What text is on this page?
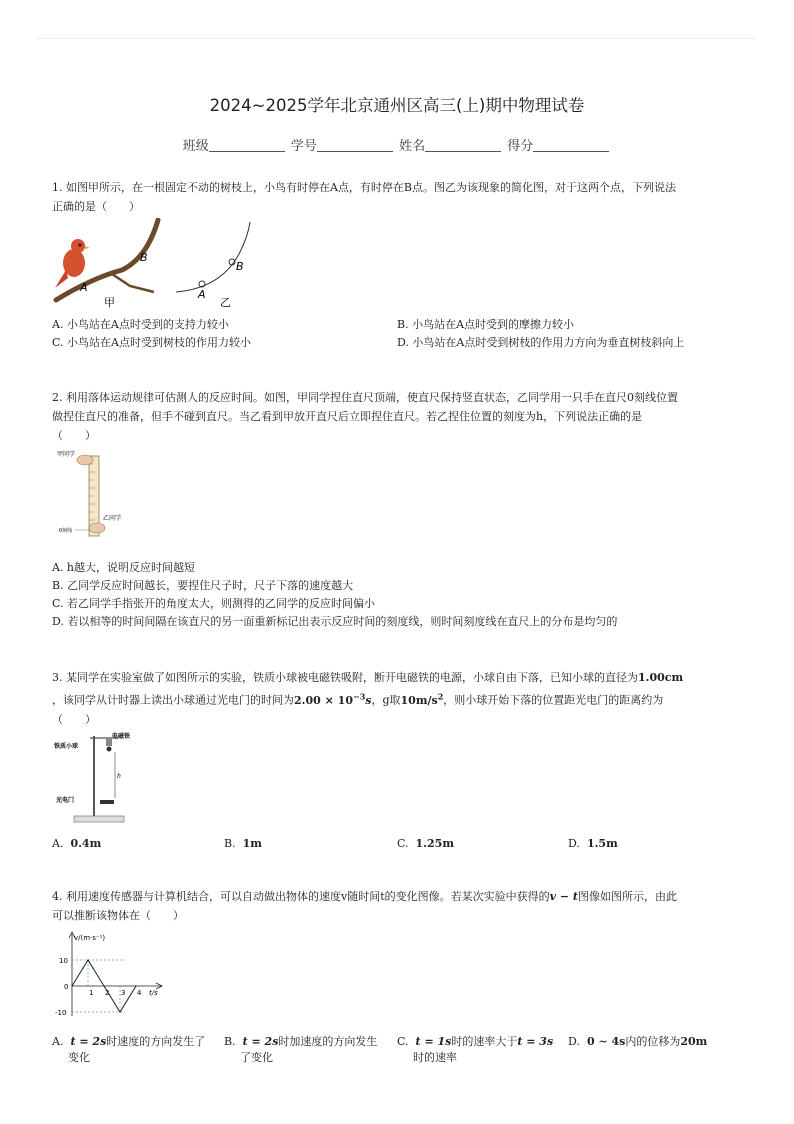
2024~2025学年北京通州区高三(上)期中物理试卷
班级	学号	姓名	得分
1. 如图甲所示，在一根固定不动的树枝上，小鸟有时停在A点，有时停在B点。图乙为该现象的简化图，对于这两个点，下列说法
正确的是（　　）
A
B
甲
A
B
乙
A. 小鸟站在A点时受到的支持力较小	B. 小鸟站在A点时受到的摩擦力较小
C. 小鸟站在A点时受到树枝的作用力较小	D. 小鸟站在A点时受到树枝的作用力方向为垂直树枝斜向上
2. 利用落体运动规律可估测人的反应时间。如图，甲同学捏住直尺顶端，使直尺保持竖直状态，乙同学用一只手在直尺0刻线位置
做捏住直尺的准备，但手不碰到直尺。当乙看到甲放开直尺后立即捏住直尺。若乙捏住位置的刻度为h，下列说法正确的是
（　　）
甲同学
乙同学
0刻线
A. h越大，说明反应时间越短
B. 乙同学反应时间越长，要捏住尺子时，尺子下落的速度越大
C. 若乙同学手指张开的角度太大，则测得的乙同学的反应时间偏小
D. 若以相等的时间间隔在该直尺的另一面重新标记出表示反应时间的刻度线，则时间刻度线在直尺上的分布是均匀的
3. 某同学在实验室做了如图所示的实验，铁质小球被电磁铁吸附，断开电磁铁的电源，小球自由下落，已知小球的直径为1.00cm
，该同学从计时器上读出小球通过光电门的时间为$2.00 \times 10^{-3}s$，g取$10m/s^2$，则小球开始下落的位置距光电门的距离约为
（　　）
h
铁质小球
电磁铁
光电门
A. 0.4m	B. 1m	C. 1.25m	D. 1.5m
4. 利用速度传感器与计算机结合，可以自动做出物体的速度v随时间t的变化图像。若某次实验中获得的v − t图像如图所示，由此
可以推断该物体在（　　）
v/(m·s⁻¹)
t/s
0
10
-10
1 2 3 4
A. t = 2s时速度的方向发生了
变化
B. t = 2s时加速度的方向发生
了变化
C. t = 1s时的速率大于t = 3s
时的速率
D. 0 ∼ 4s内的位移为20m
